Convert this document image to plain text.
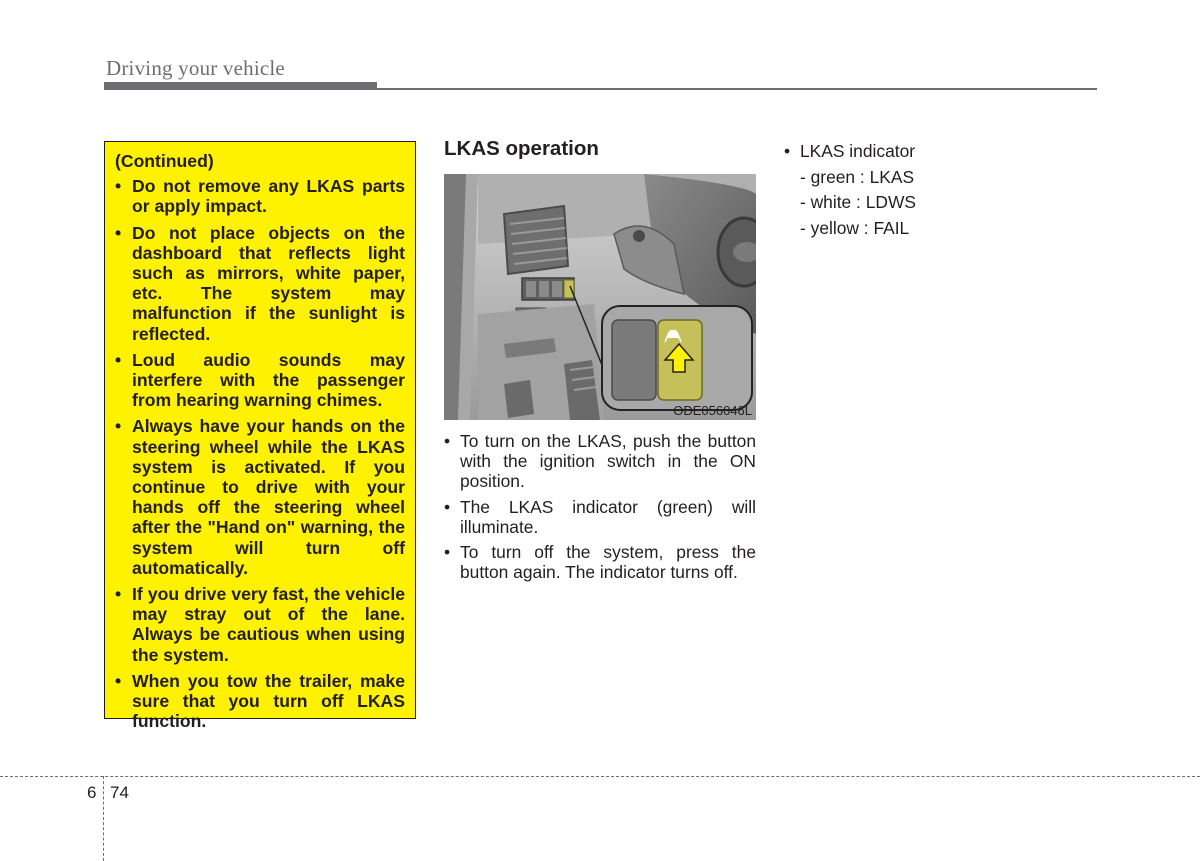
Driving your vehicle

(Continued)

• Do not remove any LKAS parts or apply impact.
• Do not place objects on the dashboard that reflects light such as mirrors, white paper, etc. The system may malfunction if the sunlight is reflected.
• Loud audio sounds may interfere with the passenger from hearing warning chimes.
• Always have your hands on the steering wheel while the LKAS system is activated. If you continue to drive with your hands off the steering wheel after the "Hand on" warning, the system will turn off automatically.
• If you drive very fast, the vehicle may stray out of the lane. Always be cautious when using the system.
• When you tow the trailer, make sure that you turn off LKAS function.
LKAS operation
ODE056046L
• To turn on the LKAS, push the button with the ignition switch in the ON position.
• The LKAS indicator (green) will illuminate.
• To turn off the system, press the button again. The indicator turns off.
• LKAS indicator
- green : LKAS
- white : LDWS
- yellow : FAIL
6 74
